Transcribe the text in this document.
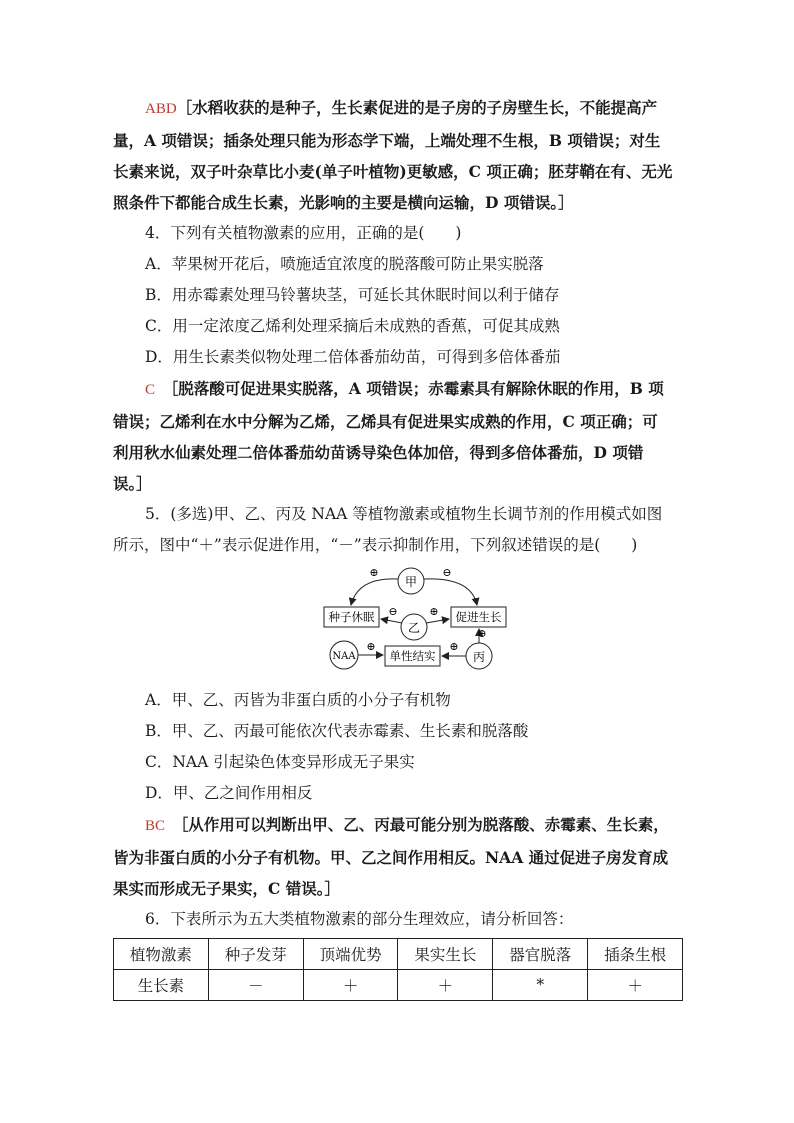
ABD［水稻收获的是种子，生长素促进的是子房的子房壁生长，不能提高产

量，A 项错误；插条处理只能为形态学下端，上端处理不生根，B 项错误；对生

长素来说，双子叶杂草比小麦(单子叶植物)更敏感，C 项正确；胚芽鞘在有、无光

照条件下都能合成生长素，光影响的主要是横向运输，D 项错误。］

4．下列有关植物激素的应用，正确的是(　　)

A．苹果树开花后，喷施适宜浓度的脱落酸可防止果实脱落

B．用赤霉素处理马铃薯块茎，可延长其休眠时间以利于储存

C．用一定浓度乙烯利处理采摘后未成熟的香蕉，可促其成熟

D．用生长素类似物处理二倍体番茄幼苗，可得到多倍体番茄

C　 ［脱落酸可促进果实脱落，A 项错误；赤霉素具有解除休眠的作用，B 项

错误；乙烯利在水中分解为乙烯，乙烯具有促进果实成熟的作用，C 项正确；可

利用秋水仙素处理二倍体番茄幼苗诱导染色体加倍，得到多倍体番茄，D 项错

误。］

5．(多选)甲、乙、丙及 NAA 等植物激素或植物生长调节剂的作用模式如图

所示，图中“＋”表示促进作用，“－”表示抑制作用，下列叙述错误的是(　　)

甲
种子休眠	促进生长
乙
NAA	单性结实	丙
⊕	⊖
⊖	⊕
⊕	⊕
⊕

A．甲、乙、丙皆为非蛋白质的小分子有机物

B．甲、乙、丙最可能依次代表赤霉素、生长素和脱落酸

C．NAA 引起染色体变异形成无子果实

D．甲、乙之间作用相反

BC　 ［从作用可以判断出甲、乙、丙最可能分别为脱落酸、赤霉素、生长素，

皆为非蛋白质的小分子有机物。甲、乙之间作用相反。NAA 通过促进子房发育成

果实而形成无子果实，C 错误。］

6．下表所示为五大类植物激素的部分生理效应，请分析回答：

植物激素	种子发芽	顶端优势	果实生长	器官脱落	插条生根
生长素	－	＋	＋	*	＋
